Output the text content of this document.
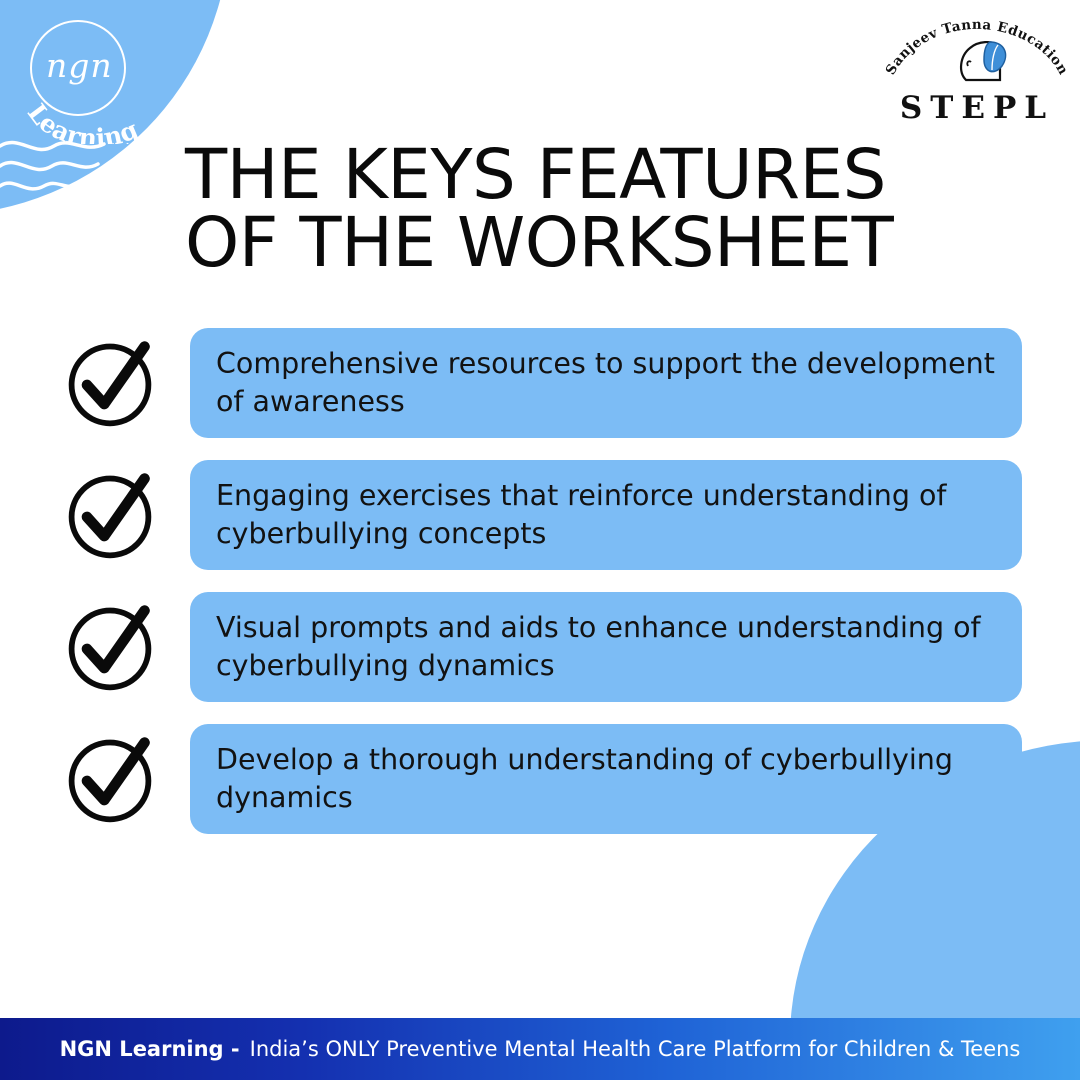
ngn
Learning
Sanjeev Tanna Education
STEPL
THE KEYS FEATURES
OF THE WORKSHEET
Comprehensive resources to support the development of awareness
Engaging exercises that reinforce understanding of cyberbullying concepts
Visual prompts and aids to enhance understanding of cyberbullying dynamics
Develop a thorough understanding of cyberbullying dynamics
NGN Learning - India’s ONLY Preventive Mental Health Care Platform for Children & Teens
